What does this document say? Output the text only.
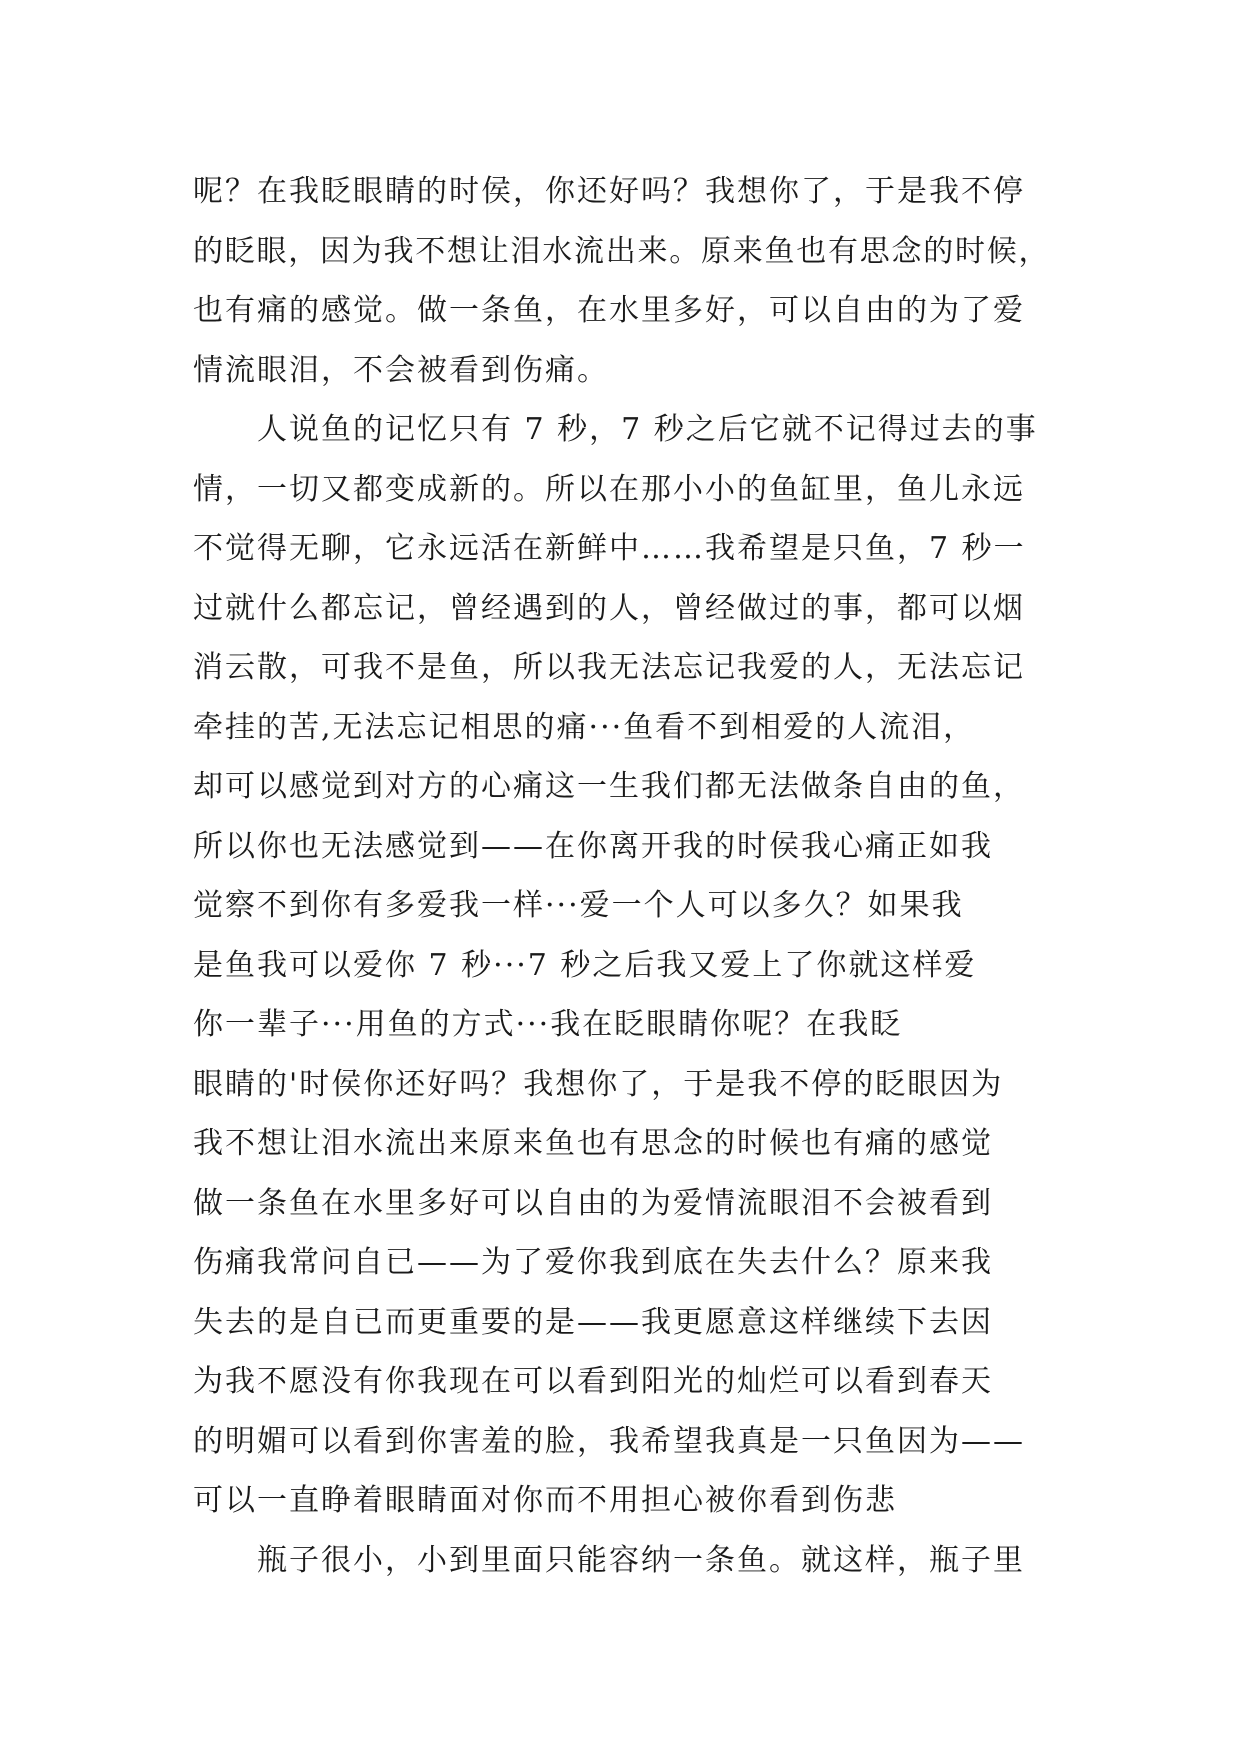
呢？在我眨眼睛的时侯，你还好吗？我想你了，于是我不停
的眨眼，因为我不想让泪水流出来。原来鱼也有思念的时候，
也有痛的感觉。做一条鱼，在水里多好，可以自由的为了爱
情流眼泪，不会被看到伤痛。
人说鱼的记忆只有 7 秒，7 秒之后它就不记得过去的事
情，一切又都变成新的。所以在那小小的鱼缸里，鱼儿永远
不觉得无聊，它永远活在新鲜中……我希望是只鱼，7 秒一
过就什么都忘记，曾经遇到的人，曾经做过的事，都可以烟
消云散，可我不是鱼，所以我无法忘记我爱的人，无法忘记
牵挂的苦,无法忘记相思的痛···鱼看不到相爱的人流泪，
却可以感觉到对方的心痛这一生我们都无法做条自由的鱼，
所以你也无法感觉到——在你离开我的时侯我心痛正如我
觉察不到你有多爱我一样···爱一个人可以多久？如果我
是鱼我可以爱你 7 秒···7 秒之后我又爱上了你就这样爱
你一辈子···用鱼的方式···我在眨眼睛你呢？在我眨
眼睛的'时侯你还好吗？我想你了，于是我不停的眨眼因为
我不想让泪水流出来原来鱼也有思念的时候也有痛的感觉
做一条鱼在水里多好可以自由的为爱情流眼泪不会被看到
伤痛我常问自已——为了爱你我到底在失去什么？原来我
失去的是自已而更重要的是——我更愿意这样继续下去因
为我不愿没有你我现在可以看到阳光的灿烂可以看到春天
的明媚可以看到你害羞的脸，我希望我真是一只鱼因为——
可以一直睁着眼睛面对你而不用担心被你看到伤悲
瓶子很小，小到里面只能容纳一条鱼。就这样，瓶子里
